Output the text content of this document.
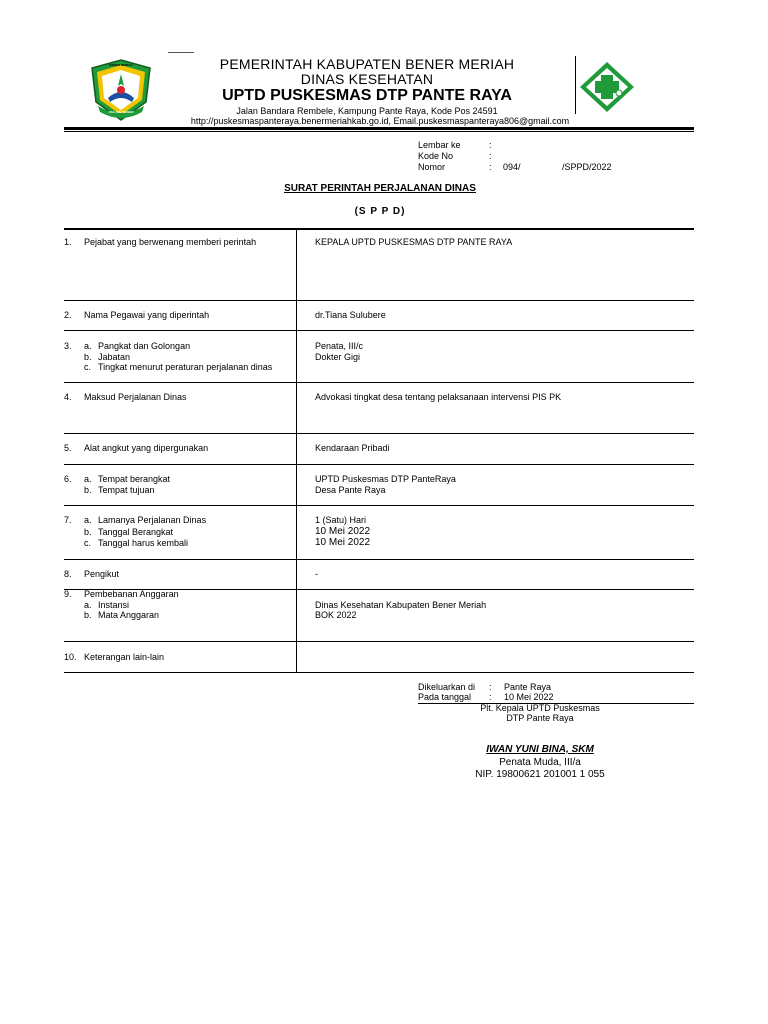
BENER MERIAH
ASA AMA BENER
PEMERINTAH KABUPATEN BENER MERIAH
DINAS KESEHATAN
UPTD PUSKESMAS DTP PANTE RAYA
Jalan Bandara Rembele, Kampung Pante Raya, Kode Pos 24591
http://puskesmaspanteraya.benermeriahkab.go.id, Email.puskesmaspanteraya806@gmail.com
Lembar ke	:
Kode No	:
Nomor	: 094/	/SPPD/2022
SURAT PERINTAH PERJALANAN DINAS
(S P P D)
1. Pejabat yang berwenang memberi perintah	KEPALA UPTD PUSKESMAS DTP PANTE RAYA
2. Nama Pegawai yang diperintah	dr.Tiana Sulubere
3. a. Pangkat dan Golongan	Penata, III/c
b. Jabatan	Dokter Gigi
c. Tingkat menurut peraturan perjalanan dinas
4. Maksud Perjalanan Dinas	Advokasi tingkat desa tentang pelaksanaan intervensi PIS PK
5. Alat angkut yang dipergunakan	Kendaraan Pribadi
6. a. Tempat berangkat	UPTD Puskesmas DTP PanteRaya
b. Tempat tujuan	Desa Pante Raya
7. a. Lamanya Perjalanan Dinas	1 (Satu) Hari
b. Tanggal Berangkat	10 Mei 2022
c. Tanggal harus kembali	10 Mei 2022
8. Pengikut	-
9. Pembebanan Anggaran
a. Instansi	Dinas Kesehatan Kabupaten Bener Meriah
b. Mata Anggaran	BOK 2022
10. Keterangan lain-lain
Dikeluarkan di : Pante Raya
Pada tanggal : 10 Mei 2022
Plt. Kepala UPTD Puskesmas
DTP Pante Raya
IWAN YUNI BINA, SKM
Penata Muda, III/a
NIP. 19800621 201001 1 055
